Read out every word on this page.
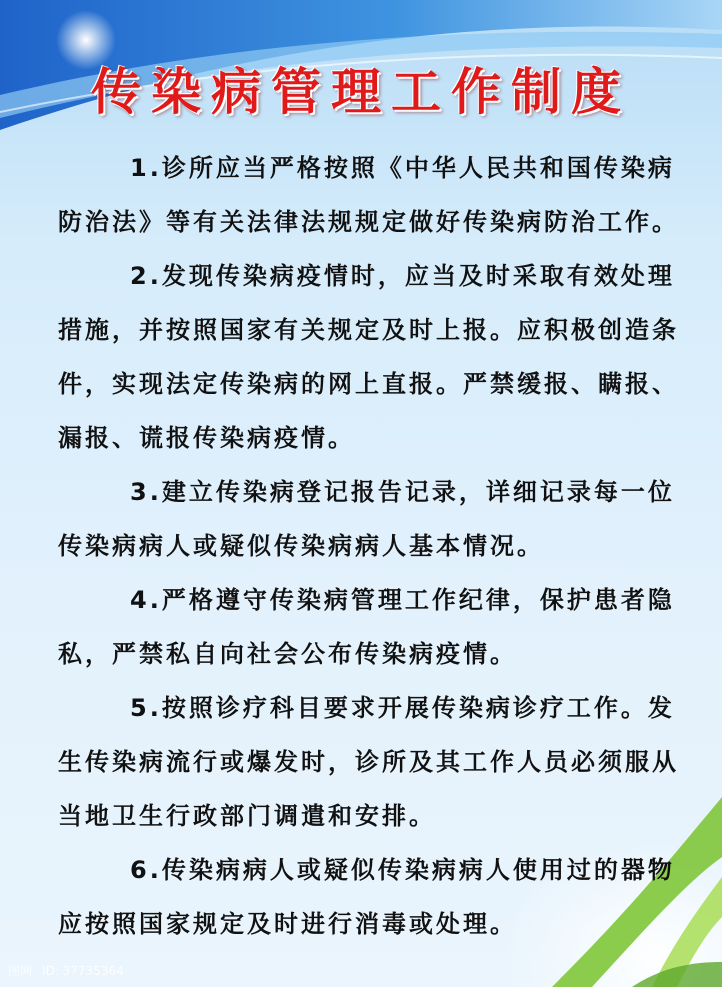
传染病管理工作制度

1.诊所应当严格按照《中华人民共和国传染病防治法》等有关法律法规规定做好传染病防治工作。

2.发现传染病疫情时，应当及时采取有效处理措施，并按照国家有关规定及时上报。应积极创造条件，实现法定传染病的网上直报。严禁缓报、瞒报、漏报、谎报传染病疫情。

3.建立传染病登记报告记录，详细记录每一位传染病病人或疑似传染病病人基本情况。

4.严格遵守传染病管理工作纪律，保护患者隐私，严禁私自向社会公布传染病疫情。

5.按照诊疗科目要求开展传染病诊疗工作。发生传染病流行或爆发时，诊所及其工作人员必须服从当地卫生行政部门调遣和安排。

6.传染病病人或疑似传染病病人使用过的器物应按照国家规定及时进行消毒或处理。

图网 ID: 37735364
